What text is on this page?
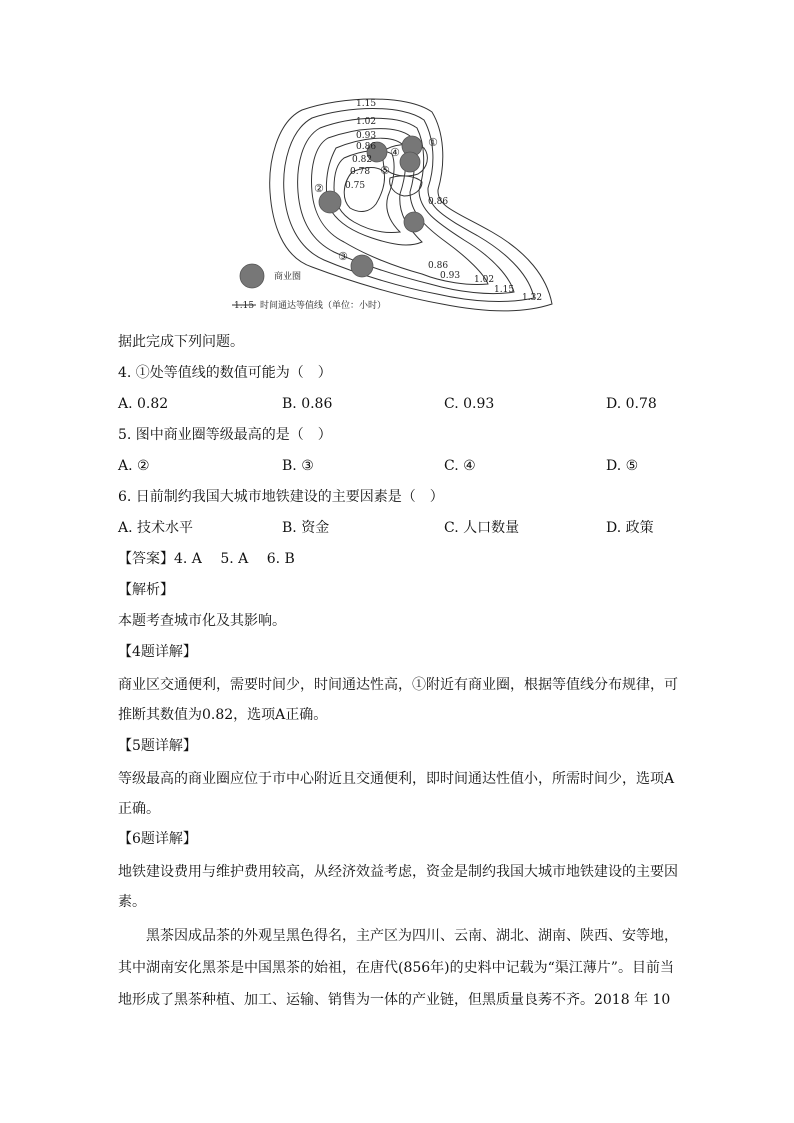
1.15
1.02
0.93
0.86
0.82
0.78
0.75
0.86
0.86
0.93 1.02
1.15
1.32
①
②
③
④
⑤
商业圈
1.15 时间通达等值线（单位：小时）
据此完成下列问题。
4. ①处等值线的数值可能为（　）
A. 0.82	B. 0.86	C. 0.93	D. 0.78
5. 图中商业圈等级最高的是（　）
A. ②	B. ③	C. ④	D. ⑤
6. 日前制约我国大城市地铁建设的主要因素是（　）
A. 技术水平	B. 资金	C. 人口数量	D. 政策
【答案】4. A　 5. A　 6. B
【解析】
本题考查城市化及其影响。
【4题详解】
商业区交通便利，需要时间少，时间通达性高，①附近有商业圈，根据等值线分布规律，可推断其数值为0.82，选项A正确。
【5题详解】
等级最高的商业圈应位于市中心附近且交通便利，即时间通达性值小，所需时间少，选项A正确。
【6题详解】
地铁建设费用与维护费用较高，从经济效益考虑，资金是制约我国大城市地铁建设的主要因素。
黑茶因成品茶的外观呈黑色得名，主产区为四川、云南、湖北、湖南、陕西、安等地，其中湖南安化黑茶是中国黑茶的始祖，在唐代(856年)的史料中记载为“渠江薄片”。目前当地形成了黑茶种植、加工、运输、销售为一体的产业链，但黑质量良莠不齐。2018 年 10
